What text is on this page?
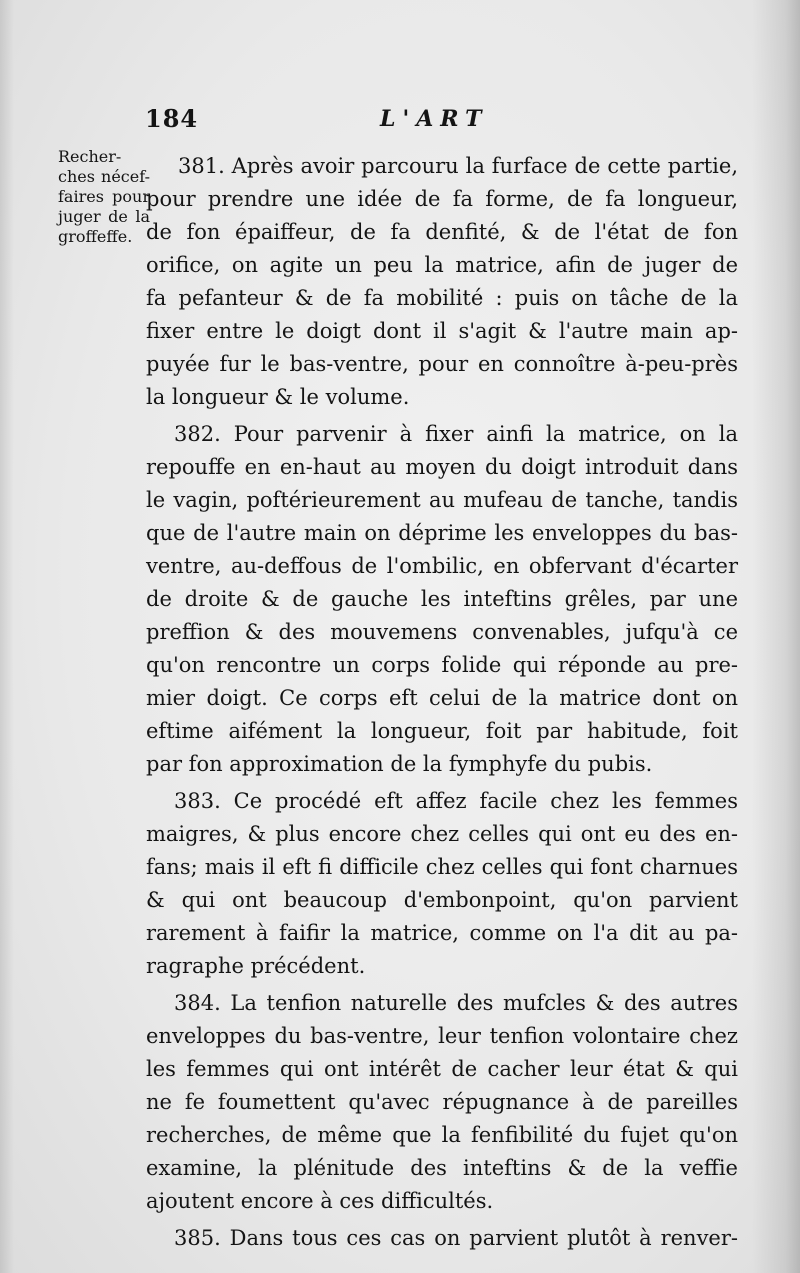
184	L'ART
Recher-
ches nécef-
faires pour
juger de la
groffeffe.
381. Après avoir parcouru la furface de cette partie,
pour prendre une idée de fa forme, de fa longueur,
de fon épaiffeur, de fa denfité, & de l'état de fon
orifice, on agite un peu la matrice, afin de juger de
fa pefanteur & de fa mobilité : puis on tâche de la
fixer entre le doigt dont il s'agit & l'autre main ap-
puyée fur le bas-ventre, pour en connoître à-peu-près
la longueur & le volume.
382. Pour parvenir à fixer ainfi la matrice, on la
repouffe en en-haut au moyen du doigt introduit dans
le vagin, poftérieurement au mufeau de tanche, tandis
que de l'autre main on déprime les enveloppes du bas-
ventre, au-deffous de l'ombilic, en obfervant d'écarter
de droite & de gauche les inteftins grêles, par une
preffion & des mouvemens convenables, jufqu'à ce
qu'on rencontre un corps folide qui réponde au pre-
mier doigt. Ce corps eft celui de la matrice dont on
eftime aifément la longueur, foit par habitude, foit
par fon approximation de la fymphyfe du pubis.
383. Ce procédé eft affez facile chez les femmes
maigres, & plus encore chez celles qui ont eu des en-
fans; mais il eft fi difficile chez celles qui font charnues
& qui ont beaucoup d'embonpoint, qu'on parvient
rarement à faifir la matrice, comme on l'a dit au pa-
ragraphe précédent.
384. La tenfion naturelle des mufcles & des autres
enveloppes du bas-ventre, leur tenfion volontaire chez
les femmes qui ont intérêt de cacher leur état & qui
ne fe foumettent qu'avec répugnance à de pareilles
recherches, de même que la fenfibilité du fujet qu'on
examine, la plénitude des inteftins & de la veffie
ajoutent encore à ces difficultés.
385. Dans tous ces cas on parvient plutôt à renver-
